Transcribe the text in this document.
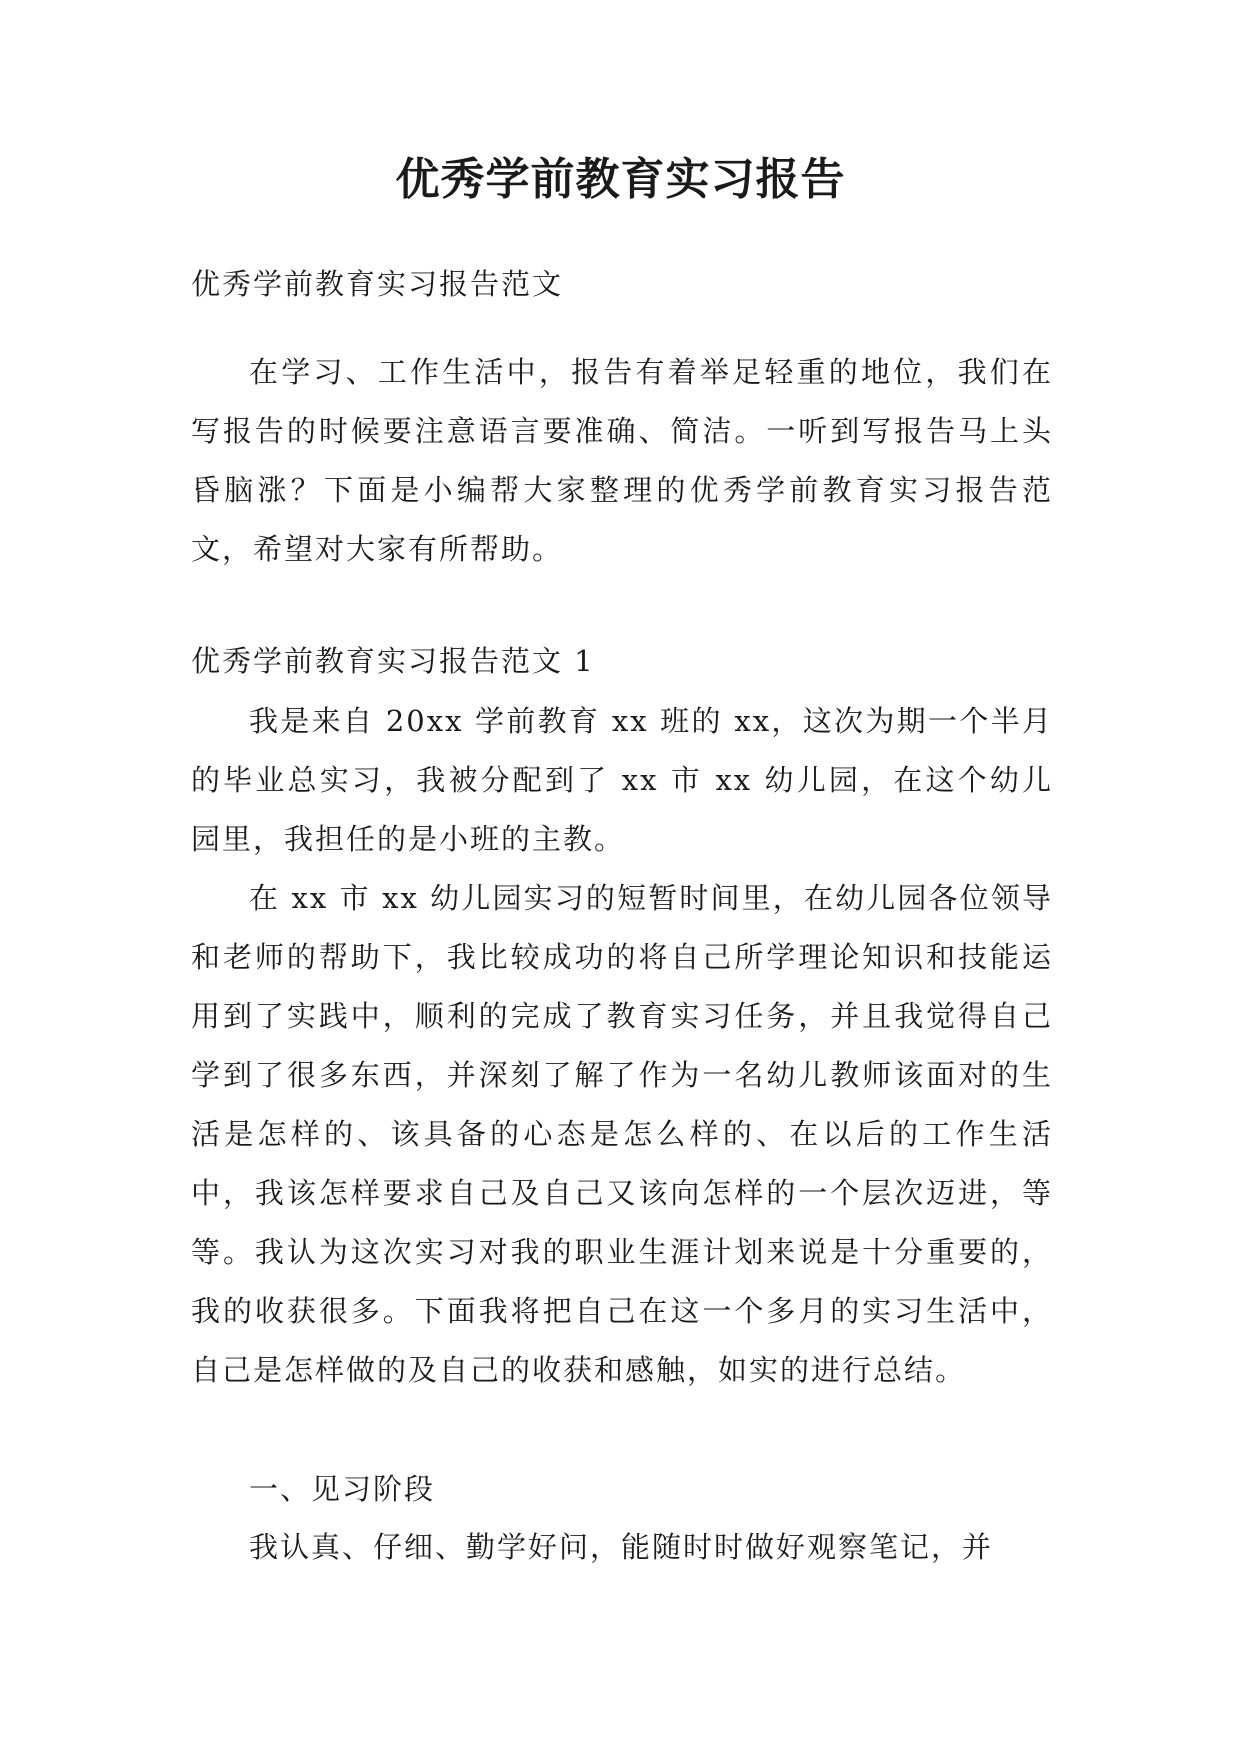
优秀学前教育实习报告

优秀学前教育实习报告范文

在学习、工作生活中，报告有着举足轻重的地位，我们在写报告的时候要注意语言要准确、简洁。一听到写报告马上头昏脑涨？下面是小编帮大家整理的优秀学前教育实习报告范文，希望对大家有所帮助。

优秀学前教育实习报告范文 1

我是来自 20xx 学前教育 xx 班的 xx，这次为期一个半月的毕业总实习，我被分配到了 xx 市 xx 幼儿园，在这个幼儿园里，我担任的是小班的主教。

在 xx 市 xx 幼儿园实习的短暂时间里，在幼儿园各位领导和老师的帮助下，我比较成功的将自己所学理论知识和技能运用到了实践中，顺利的完成了教育实习任务，并且我觉得自己学到了很多东西，并深刻了解了作为一名幼儿教师该面对的生活是怎样的、该具备的心态是怎么样的、在以后的工作生活中，我该怎样要求自己及自己又该向怎样的一个层次迈进，等等。我认为这次实习对我的职业生涯计划来说是十分重要的，我的收获很多。下面我将把自己在这一个多月的实习生活中，自己是怎样做的及自己的收获和感触，如实的进行总结。

一、见习阶段

我认真、仔细、勤学好问，能随时时做好观察笔记，并
